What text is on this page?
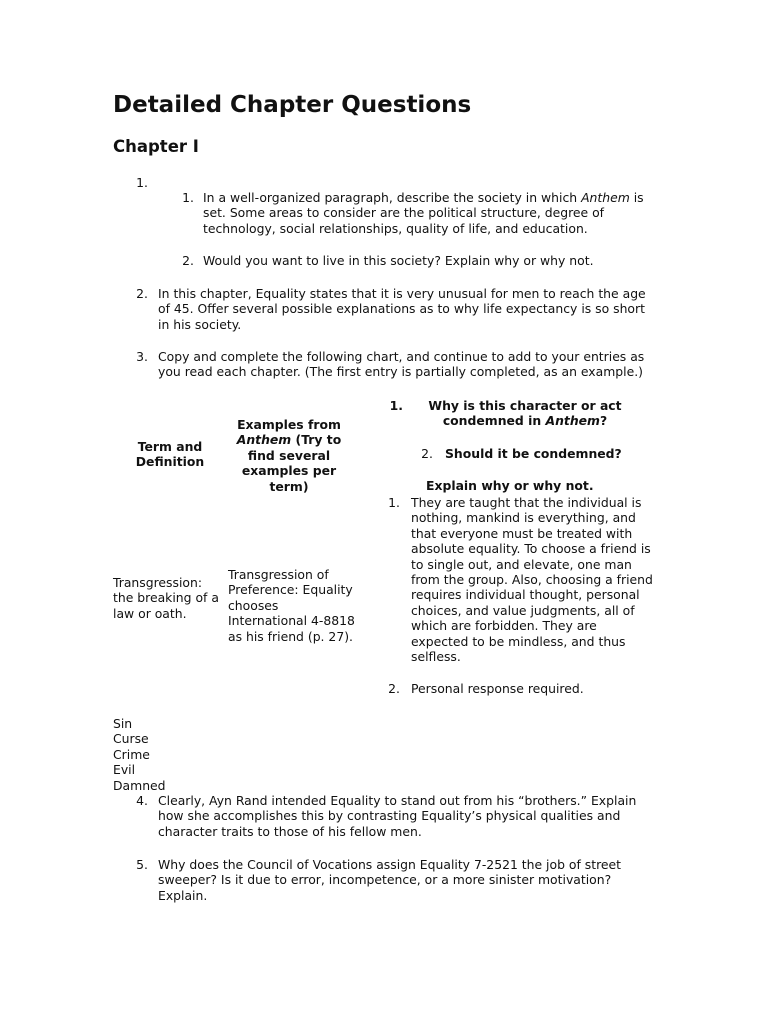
Detailed Chapter Questions
Chapter I
1.
1. In a well-organized paragraph, describe the society in which Anthem is set. Some areas to consider are the political structure, degree of technology, social relationships, quality of life, and education.
2. Would you want to live in this society? Explain why or why not.
2. In this chapter, Equality states that it is very unusual for men to reach the age of 45. Offer several possible explanations as to why life expectancy is so short in his society.
3. Copy and complete the following chart, and continue to add to your entries as you read each chapter. (The first entry is partially completed, as an example.)
Term and Definition
Examples from Anthem (Try to find several examples per term)
1.	Why is this character or act condemned in Anthem?
2. Should it be condemned?
Explain why or why not.
Transgression: the breaking of a law or oath.
Transgression of Preference: Equality chooses International 4-8818 as his friend (p. 27).
1. They are taught that the individual is nothing, mankind is everything, and that everyone must be treated with absolute equality. To choose a friend is to single out, and elevate, one man from the group. Also, choosing a friend requires individual thought, personal choices, and value judgments, all of which are forbidden. They are expected to be mindless, and thus selfless.
2. Personal response required.
Sin
Curse
Crime
Evil
Damned
4. Clearly, Ayn Rand intended Equality to stand out from his “brothers.” Explain how she accomplishes this by contrasting Equality’s physical qualities and character traits to those of his fellow men.
5. Why does the Council of Vocations assign Equality 7-2521 the job of street sweeper? Is it due to error, incompetence, or a more sinister motivation? Explain.
